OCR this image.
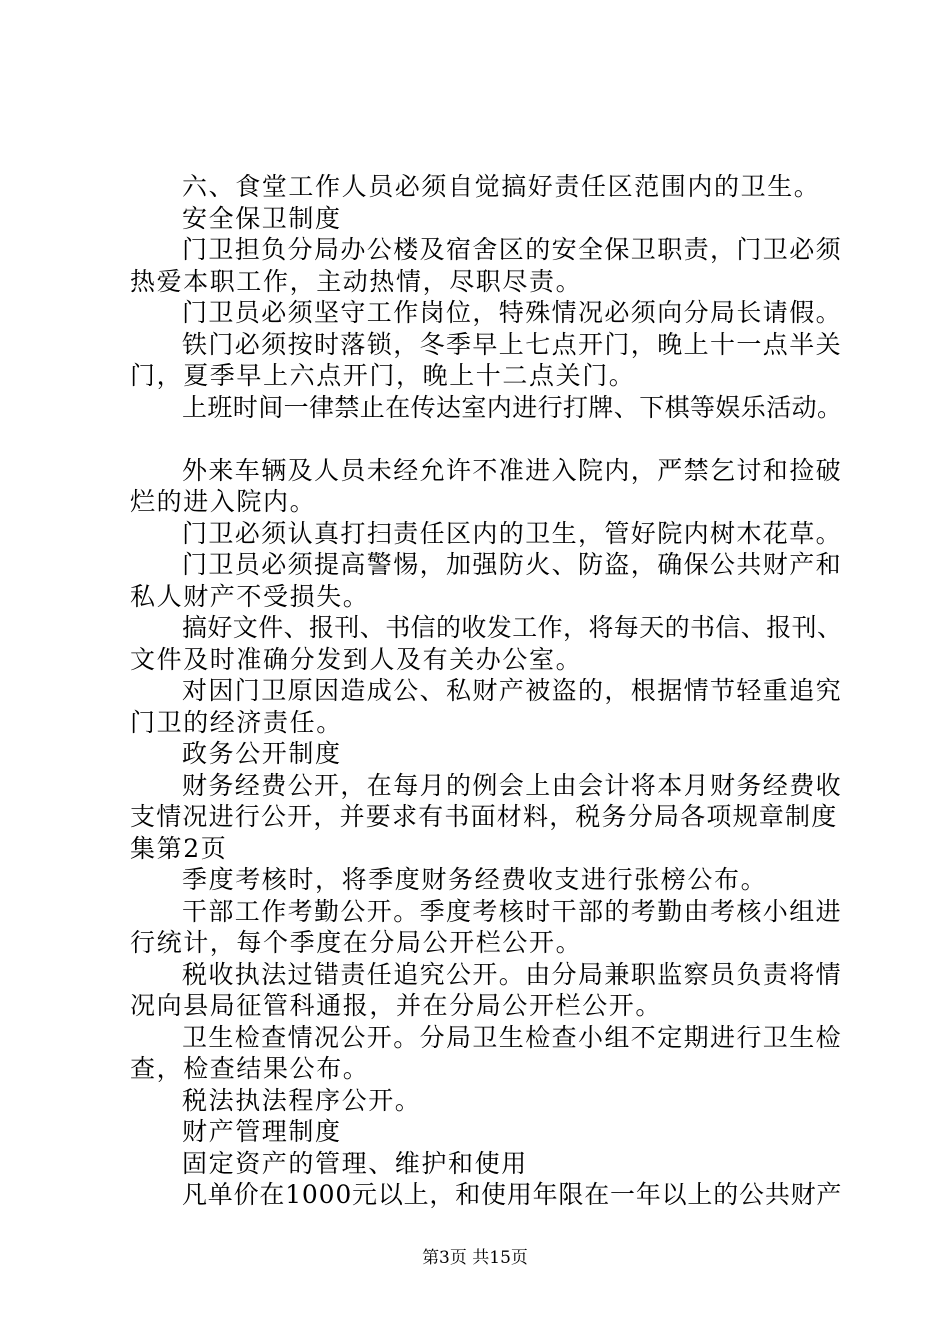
六、食堂工作人员必须自觉搞好责任区范围内的卫生。
安全保卫制度
门卫担负分局办公楼及宿舍区的安全保卫职责，门卫必须
热爱本职工作，主动热情，尽职尽责。
门卫员必须坚守工作岗位，特殊情况必须向分局长请假。
铁门必须按时落锁，冬季早上七点开门，晚上十一点半关
门，夏季早上六点开门，晚上十二点关门。
上班时间一律禁止在传达室内进行打牌、下棋等娱乐活动。
外来车辆及人员未经允许不准进入院内，严禁乞讨和捡破
烂的进入院内。
门卫必须认真打扫责任区内的卫生，管好院内树木花草。
门卫员必须提高警惕，加强防火、防盗，确保公共财产和
私人财产不受损失。
搞好文件、报刊、书信的收发工作，将每天的书信、报刊、
文件及时准确分发到人及有关办公室。
对因门卫原因造成公、私财产被盗的，根据情节轻重追究
门卫的经济责任。
政务公开制度
财务经费公开，在每月的例会上由会计将本月财务经费收
支情况进行公开，并要求有书面材料，税务分局各项规章制度
集第2页
季度考核时，将季度财务经费收支进行张榜公布。
干部工作考勤公开。季度考核时干部的考勤由考核小组进
行统计，每个季度在分局公开栏公开。
税收执法过错责任追究公开。由分局兼职监察员负责将情
况向县局征管科通报，并在分局公开栏公开。
卫生检查情况公开。分局卫生检查小组不定期进行卫生检
查，检查结果公布。
税法执法程序公开。
财产管理制度
固定资产的管理、维护和使用
凡单价在1000元以上，和使用年限在一年以上的公共财产
第3页 共15页
